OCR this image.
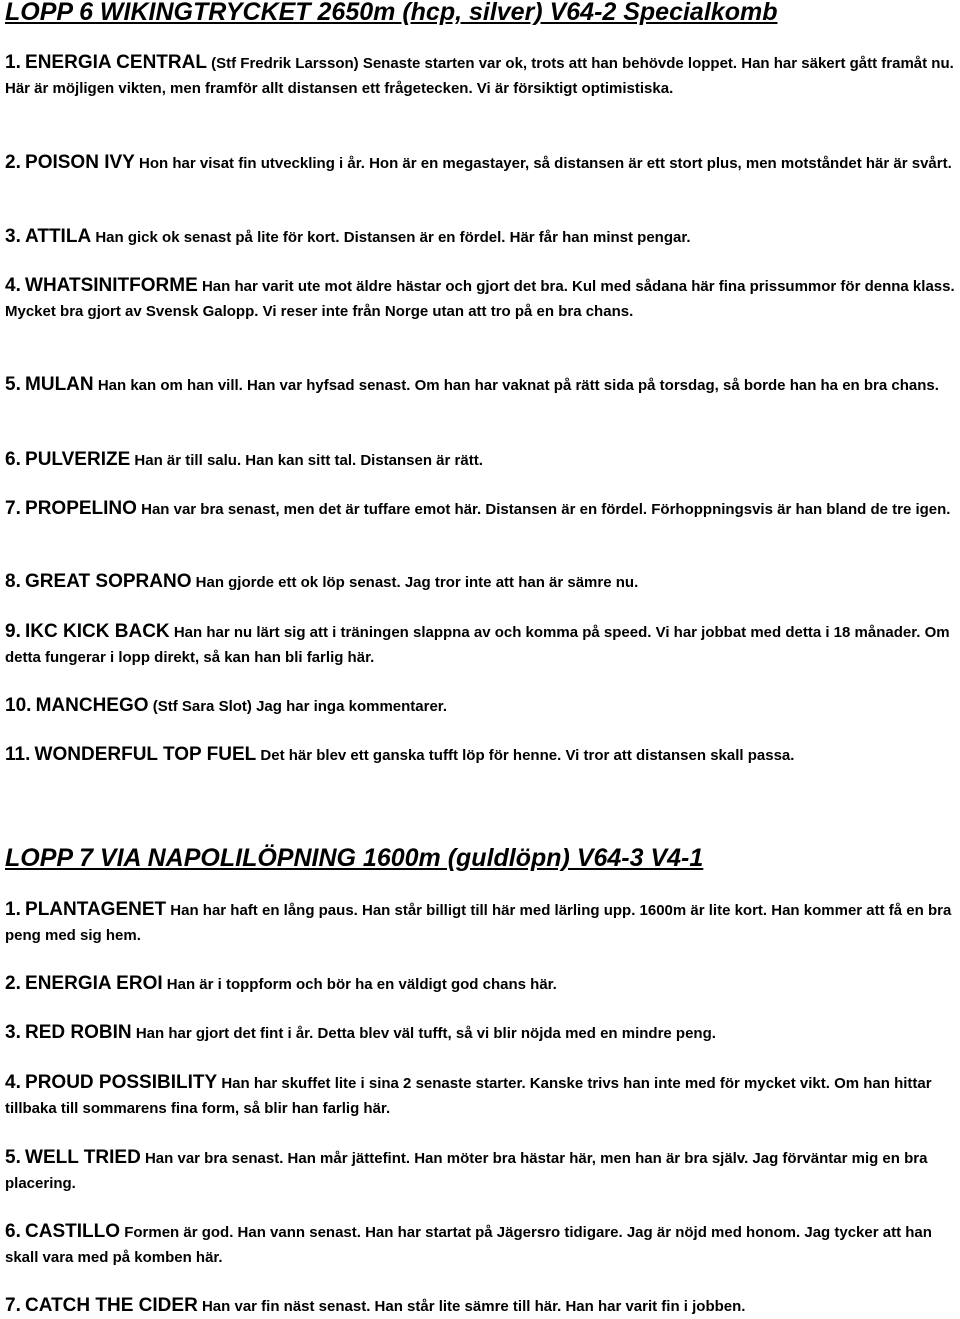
LOPP 6 WIKINGTRYCKET 2650m (hcp, silver) V64-2 Specialkomb
1. ENERGIA CENTRAL (Stf Fredrik Larsson) Senaste starten var ok, trots att han behövde loppet. Han har säkert gått framåt nu. Här är möjligen vikten, men framför allt distansen ett frågetecken. Vi är försiktigt optimistiska.
2. POISON IVY Hon har visat fin utveckling i år. Hon är en megastayer, så distansen är ett stort plus, men motståndet här är svårt.
3. ATTILA Han gick ok senast på lite för kort. Distansen är en fördel. Här får han minst pengar.
4. WHATSINITFORME Han har varit ute mot äldre hästar och gjort det bra. Kul med sådana här fina prissummor för denna klass. Mycket bra gjort av Svensk Galopp. Vi reser inte från Norge utan att tro på en bra chans.
5. MULAN Han kan om han vill. Han var hyfsad senast. Om han har vaknat på rätt sida på torsdag, så borde han ha en bra chans.
6. PULVERIZE Han är till salu. Han kan sitt tal. Distansen är rätt.
7. PROPELINO Han var bra senast, men det är tuffare emot här. Distansen är en fördel. Förhoppningsvis är han bland de tre igen.
8. GREAT SOPRANO Han gjorde ett ok löp senast. Jag tror inte att han är sämre nu.
9. IKC KICK BACK Han har nu lärt sig att i träningen slappna av och komma på speed. Vi har jobbat med detta i 18 månader. Om detta fungerar i lopp direkt, så kan han bli farlig här.
10. MANCHEGO (Stf Sara Slot) Jag har inga kommentarer.
11. WONDERFUL TOP FUEL Det här blev ett ganska tufft löp för henne. Vi tror att distansen skall passa.
LOPP 7 VIA NAPOLILÖPNING 1600m (guldlöpn) V64-3 V4-1
1. PLANTAGENET Han har haft en lång paus. Han står billigt till här med lärling upp. 1600m är lite kort. Han kommer att få en bra peng med sig hem.
2. ENERGIA EROI Han är i toppform och bör ha en väldigt god chans här.
3. RED ROBIN Han har gjort det fint i år. Detta blev väl tufft, så vi blir nöjda med en mindre peng.
4. PROUD POSSIBILITY Han har skuffet lite i sina 2 senaste starter. Kanske trivs han inte med för mycket vikt. Om han hittar tillbaka till sommarens fina form, så blir han farlig här.
5. WELL TRIED Han var bra senast. Han mår jättefint. Han möter bra hästar här, men han är bra själv. Jag förväntar mig en bra placering.
6. CASTILLO Formen är god. Han vann senast. Han har startat på Jägersro tidigare. Jag är nöjd med honom. Jag tycker att han skall vara med på komben här.
7. CATCH THE CIDER Han var fin näst senast. Han står lite sämre till här. Han har varit fin i jobben.
